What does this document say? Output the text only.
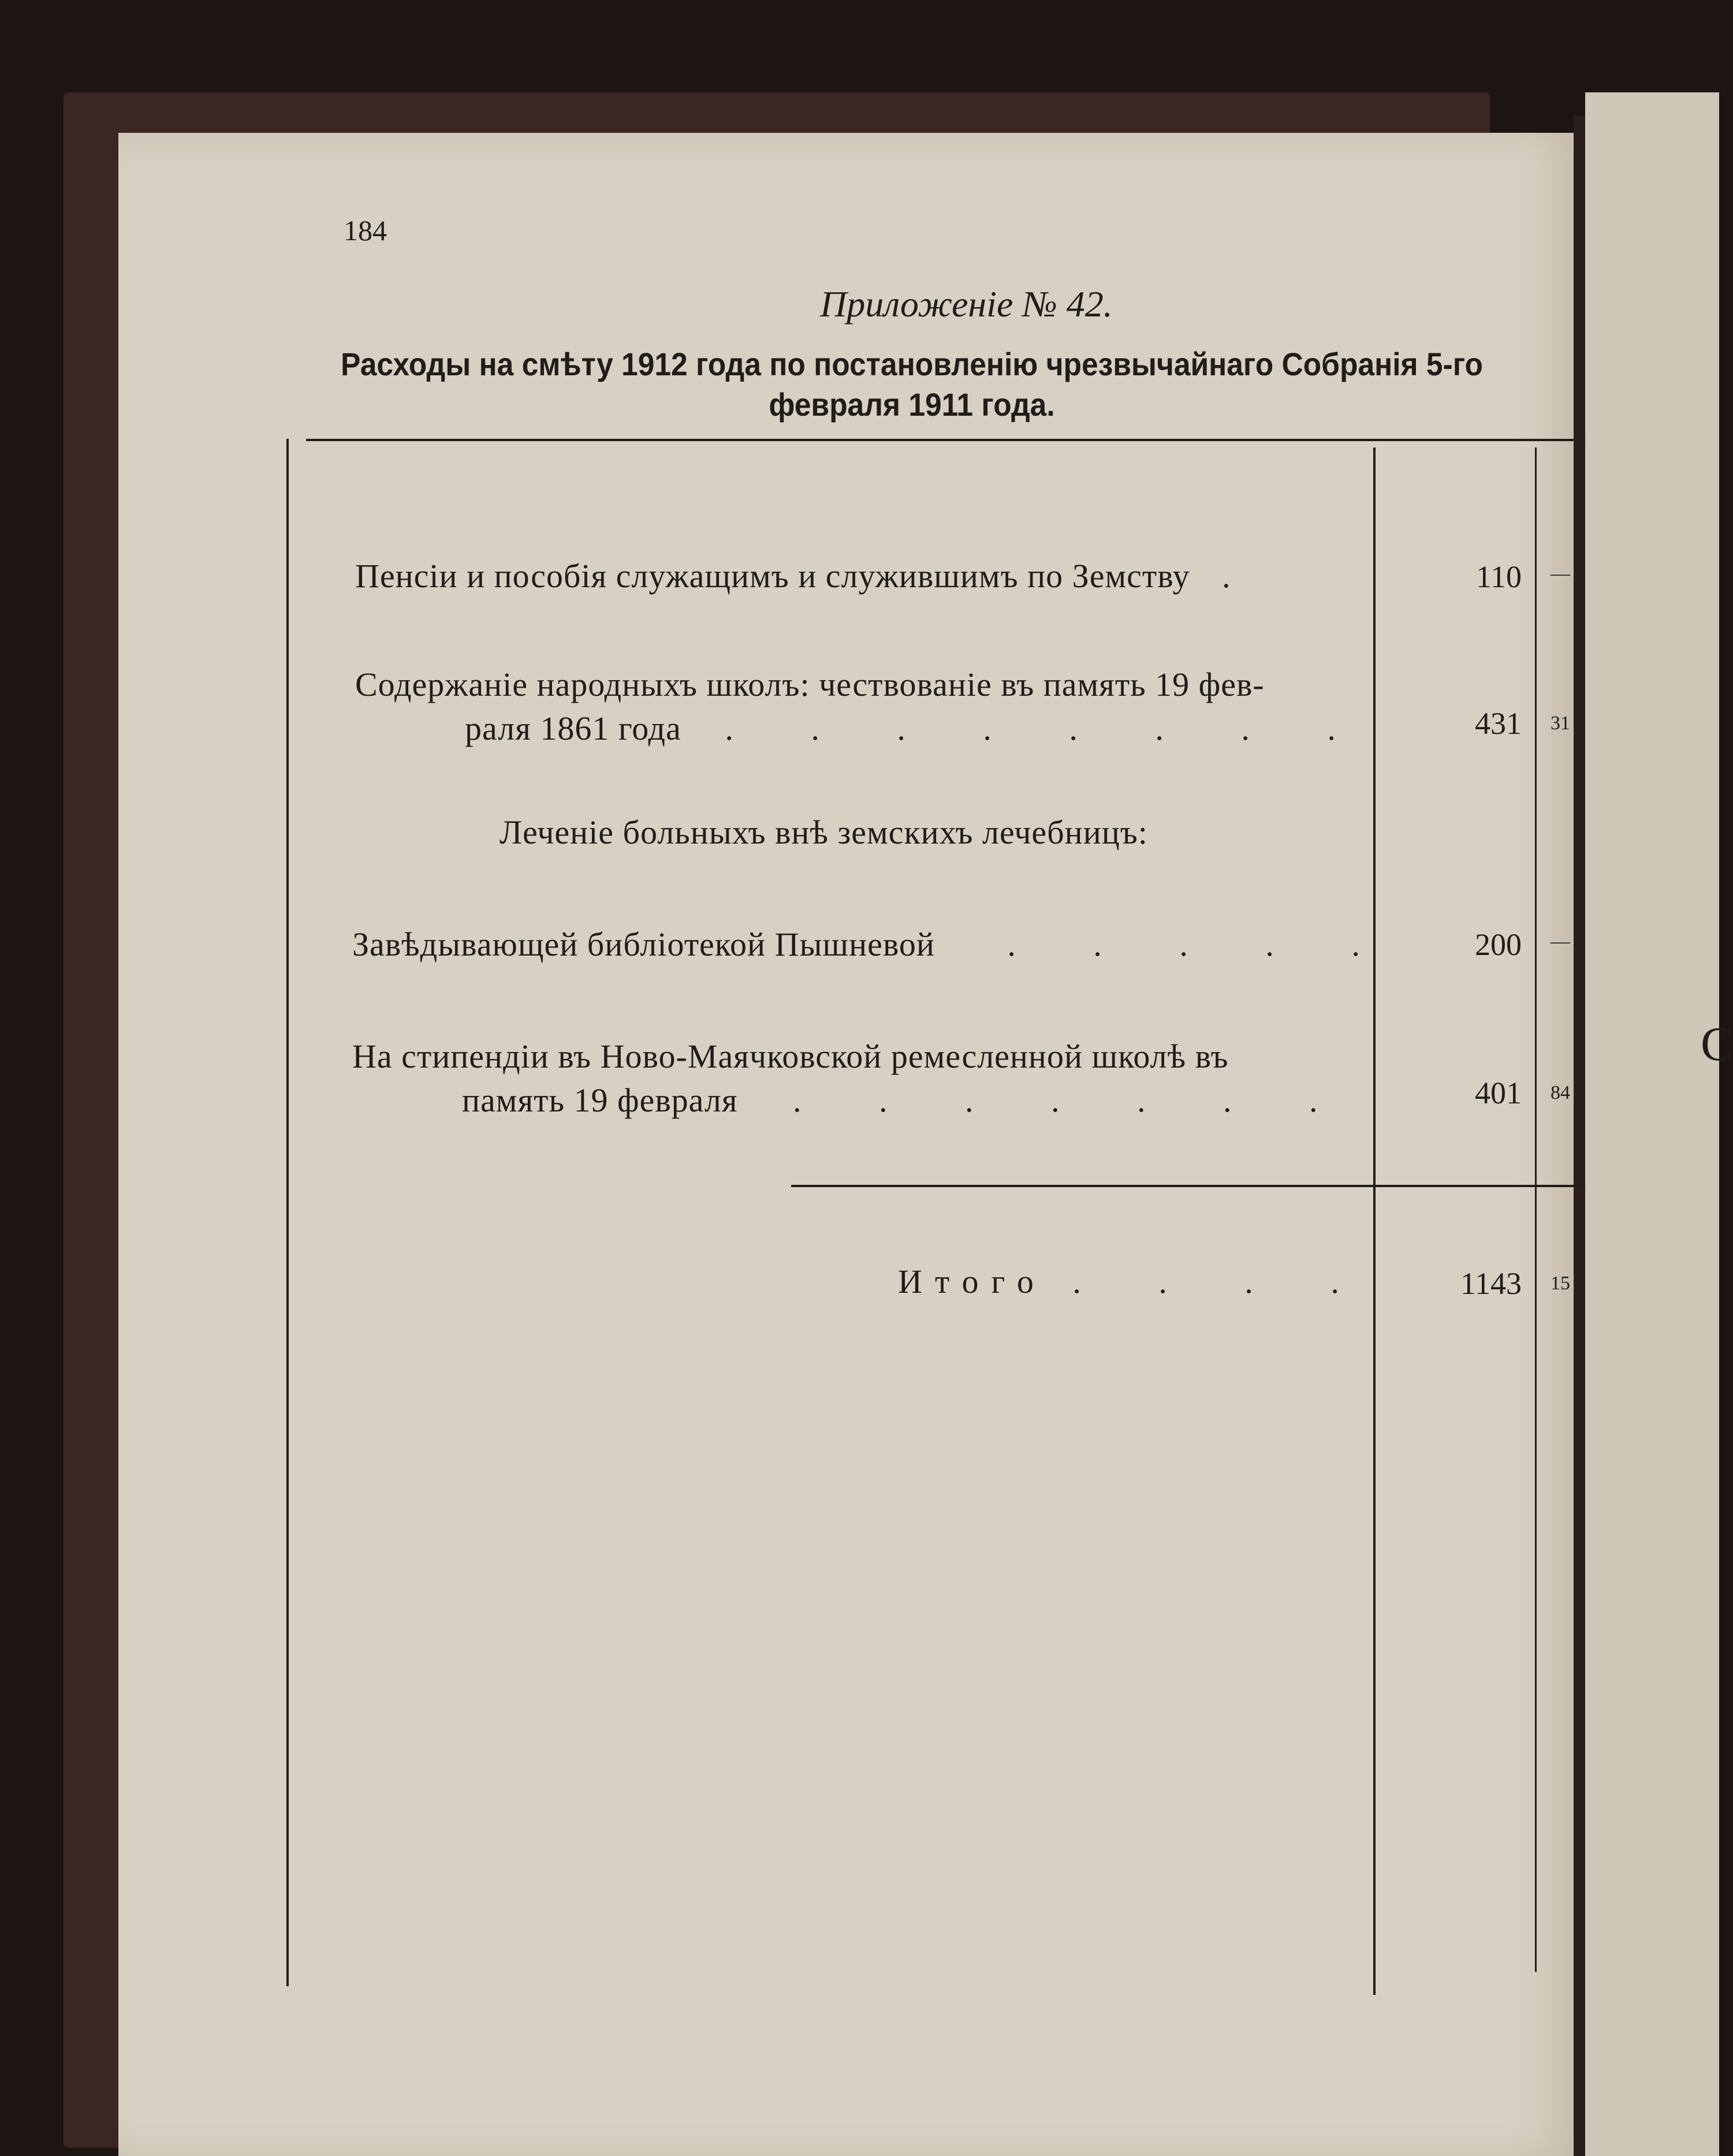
С
184
Приложеніе № 42.
Расходы на смѣту 1912 года по постановленію чрезвычайнаго Собранія 5-го
февраля 1911 года.
Пенсіи и пособія служащимъ и служившимъ по Земству .	110	—
Содержаніе народныхъ школъ: чествованіе въ память 19 фев-
раля 1861 года . . . . . . . .	431	31
Леченіе больныхъ внѣ земскихъ лечебницъ:
Завѣдывающей библіотекой Пышневой . . . . .	200	—
На стипендіи въ Ново-Маячковской ремесленной школѣ въ
память 19 февраля . . . . . . .	401	84
Итого . . . .	1143	15
